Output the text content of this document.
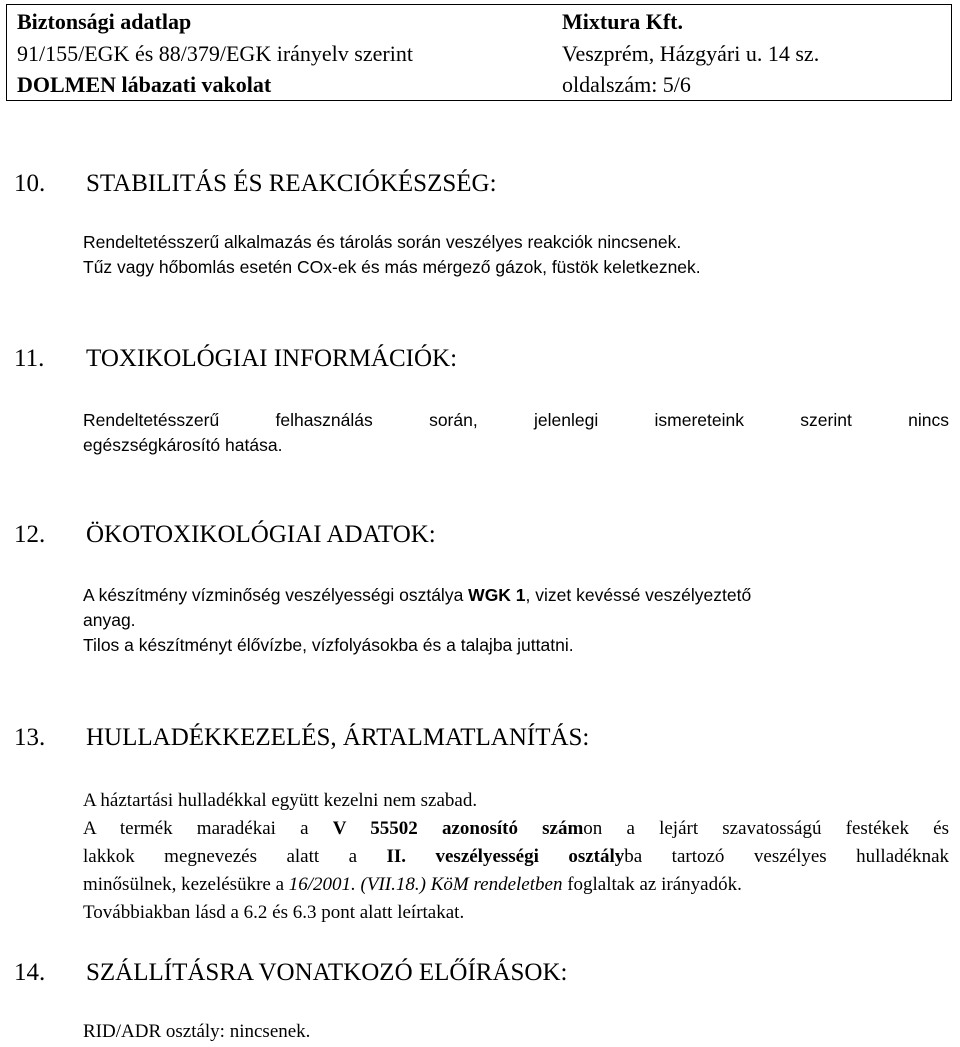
Biztonsági adatlap	Mixtura Kft.
91/155/EGK és 88/379/EGK irányelv szerint	Veszprém, Házgyári u. 14 sz.
DOLMEN lábazati vakolat	oldalszám: 5/6
10. STABILITÁS ÉS REAKCIÓKÉSZSÉG:
Rendeltetésszerű alkalmazás és tárolás során veszélyes reakciók nincsenek.
Tűz vagy hőbomlás esetén COx-ek és más mérgező gázok, füstök keletkeznek.
11. TOXIKOLÓGIAI INFORMÁCIÓK:
Rendeltetésszerű felhasználás során, jelenlegi ismereteink szerint nincs
egészségkárosító hatása.
12. ÖKOTOXIKOLÓGIAI ADATOK:
A készítmény vízminőség veszélyességi osztálya WGK 1, vizet kevéssé veszélyeztető
anyag.
Tilos a készítményt élővízbe, vízfolyásokba és a talajba juttatni.
13. HULLADÉKKEZELÉS, ÁRTALMATLANÍTÁS:
A háztartási hulladékkal együtt kezelni nem szabad.
A termék maradékai a V 55502 azonosító számon a lejárt szavatosságú festékek és
lakkok megnevezés alatt a II. veszélyességi osztályba tartozó veszélyes hulladéknak
minősülnek, kezelésükre a 16/2001. (VII.18.) KöM rendeletben foglaltak az irányadók.
Továbbiakban lásd a 6.2 és 6.3 pont alatt leírtakat.
14. SZÁLLÍTÁSRA VONATKOZÓ ELŐÍRÁSOK:
RID/ADR osztály: nincsenek.
